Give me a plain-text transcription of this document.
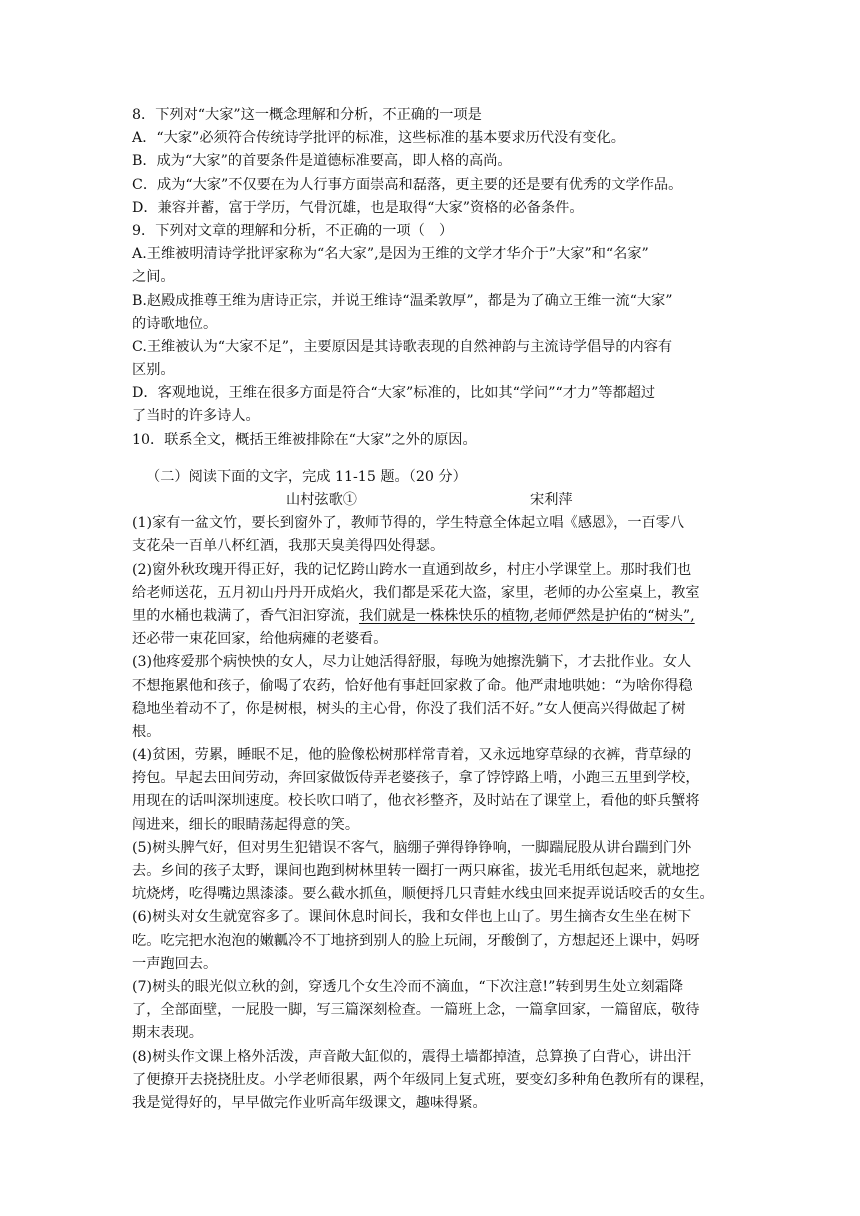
8．下列对“大家”这一概念理解和分析，不正确的一项是
A．“大家”必须符合传统诗学批评的标准，这些标准的基本要求历代没有变化。
B．成为“大家”的首要条件是道德标准要高，即人格的高尚。
C．成为“大家”不仅要在为人行事方面崇高和磊落，更主要的还是要有优秀的文学作品。
D．兼容并蓄，富于学历，气骨沉雄，也是取得“大家”资格的必备条件。
9．下列对文章的理解和分析，不正确的一项（　）
A.王维被明清诗学批评家称为“名大家”,是因为王维的文学才华介于”大家”和“名家”
之间。
B.赵殿成推尊王维为唐诗正宗，并说王维诗“温柔敦厚”，都是为了确立王维一流“大家”
的诗歌地位。
C.王维被认为“大家不足”，主要原因是其诗歌表现的自然神韵与主流诗学倡导的内容有
区别。
D．客观地说，王维在很多方面是符合“大家”标准的，比如其“学问”“才力”等都超过
了当时的许多诗人。
10．联系全文，概括王维被排除在“大家”之外的原因。
（二）阅读下面的文字，完成 11-15 题。（20 分）
山村弦歌①	宋利萍
(1)家有一盆文竹，要长到窗外了，教师节得的，学生特意全体起立唱《感恩》，一百零八
支花朵一百单八杯红酒，我那天臭美得四处得瑟。
(2)窗外秋玫瑰开得正好，我的记忆跨山跨水一直通到故乡，村庄小学课堂上。那时我们也
给老师送花，五月初山丹丹开成焰火，我们都是采花大盗，家里，老师的办公室桌上，教室
里的水桶也栽满了，香气汩汩穿流，我们就是一株株快乐的植物,老师俨然是护佑的“树头”,
还必带一束花回家，给他病瘫的老婆看。
(3)他疼爱那个病怏怏的女人，尽力让她活得舒服，每晚为她擦洗躺下，才去批作业。女人
不想拖累他和孩子，偷喝了农药，恰好他有事赶回家救了命。他严肃地哄她：“为啥你得稳
稳地坐着动不了，你是树根，树头的主心骨，你没了我们活不好。”女人便高兴得做起了树
根。
(4)贫困，劳累，睡眠不足，他的脸像松树那样常青着，又永远地穿草绿的衣裤，背草绿的
挎包。早起去田间劳动，奔回家做饭侍弄老婆孩子，拿了饽饽路上啃，小跑三五里到学校，
用现在的话叫深圳速度。校长吹口哨了，他衣衫整齐，及时站在了课堂上，看他的虾兵蟹将
闯进来，细长的眼睛荡起得意的笑。
(5)树头脾气好，但对男生犯错误不客气，脑绷子弹得铮铮响，一脚踹屁股从讲台踹到门外
去。乡间的孩子太野，课间也跑到树林里转一圈打一两只麻雀，拔光毛用纸包起来，就地挖
坑烧烤，吃得嘴边黑漆漆。要么截水抓鱼，顺便捋几只青蛙水线虫回来捉弄说话咬舌的女生。
(6)树头对女生就宽容多了。课间休息时间长，我和女伴也上山了。男生摘杏女生坐在树下
吃。吃完把水泡泡的嫩瓤冷不丁地挤到别人的脸上玩闹，牙酸倒了，方想起还上课中，妈呀
一声跑回去。
(7)树头的眼光似立秋的剑，穿透几个女生冷而不滴血，“下次注意!”转到男生处立刻霜降
了，全部面壁，一屁股一脚，写三篇深刻检查。一篇班上念，一篇拿回家，一篇留底，敬待
期末表现。
(8)树头作文课上格外活泼，声音敞大缸似的，震得土墙都掉渣，总算换了白背心，讲出汗
了便撩开去挠挠肚皮。小学老师很累，两个年级同上复式班，要变幻多种角色教所有的课程，
我是觉得好的，早早做完作业听高年级课文，趣味得紧。
